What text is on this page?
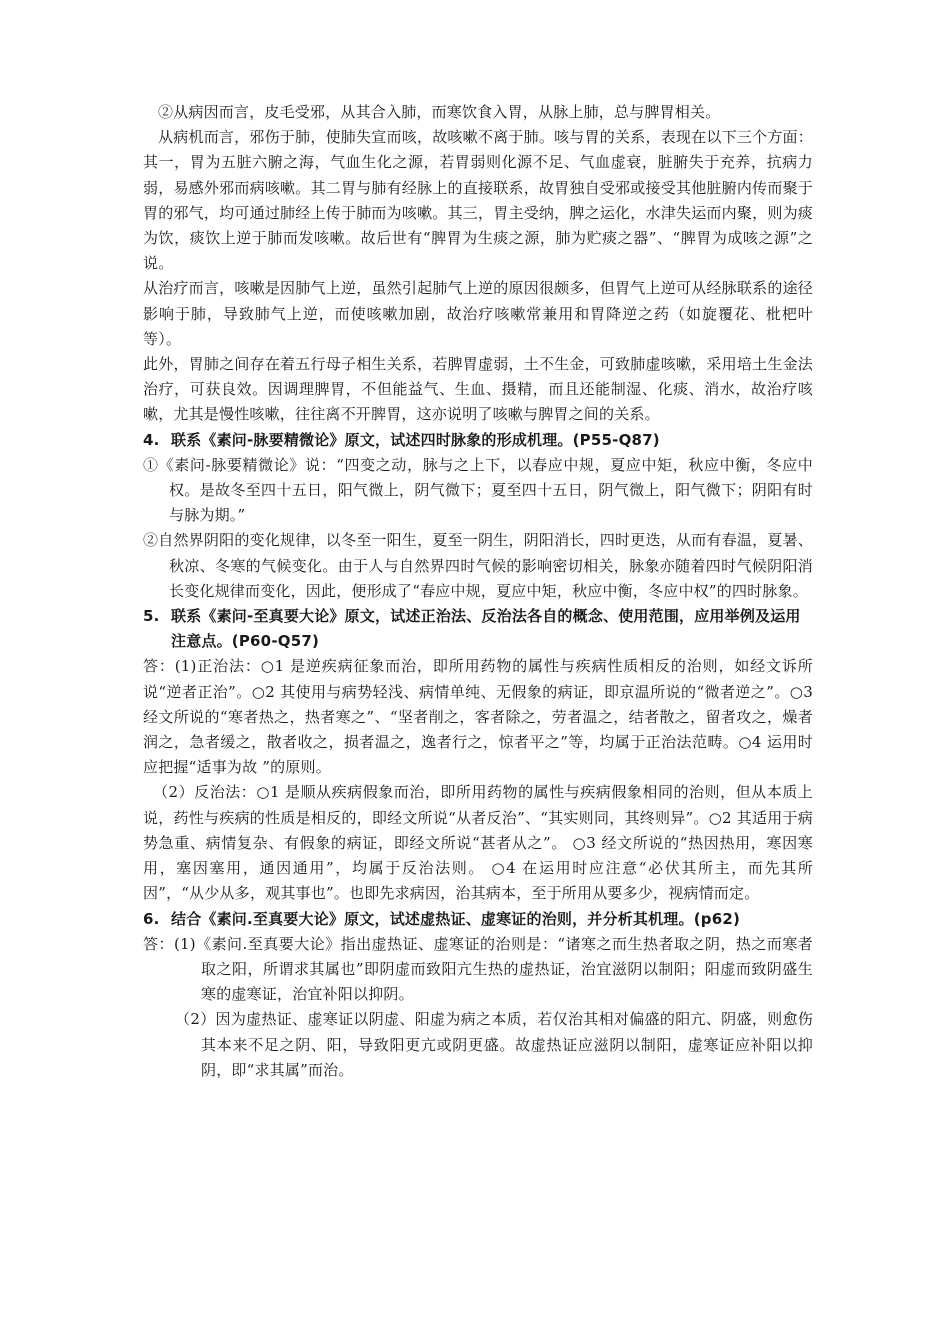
②从病因而言，皮毛受邪，从其合入肺，而寒饮食入胃，从脉上肺，总与脾胃相关。

从病机而言，邪伤于肺，使肺失宣而咳，故咳嗽不离于肺。咳与胃的关系，表现在以下三个方面：其一，胃为五脏六腑之海，气血生化之源，若胃弱则化源不足、气血虚衰，脏腑失于充养，抗病力弱，易感外邪而病咳嗽。其二胃与肺有经脉上的直接联系，故胃独自受邪或接受其他脏腑内传而聚于胃的邪气，均可通过肺经上传于肺而为咳嗽。其三，胃主受纳，脾之运化，水津失运而内聚，则为痰为饮，痰饮上逆于肺而发咳嗽。故后世有“脾胃为生痰之源，肺为贮痰之器”、“脾胃为成咳之源”之说。

从治疗而言，咳嗽是因肺气上逆，虽然引起肺气上逆的原因很颇多，但胃气上逆可从经脉联系的途径影响于肺，导致肺气上逆，而使咳嗽加剧，故治疗咳嗽常兼用和胃降逆之药（如旋覆花、枇杷叶等）。

此外，胃肺之间存在着五行母子相生关系，若脾胃虚弱，土不生金，可致肺虚咳嗽，采用培土生金法治疗，可获良效。因调理脾胃，不但能益气、生血、摄精，而且还能制湿、化痰、消水，故治疗咳嗽，尤其是慢性咳嗽，往往离不开脾胃，这亦说明了咳嗽与脾胃之间的关系。

4. 联系《素问-脉要精微论》原文，试述四时脉象的形成机理。(P55-Q87)

①《素问-脉要精微论》说：“四变之动，脉与之上下，以春应中规，夏应中矩，秋应中衡，冬应中权。是故冬至四十五日，阳气微上，阴气微下；夏至四十五日，阴气微上，阳气微下；阴阳有时与脉为期。”

②自然界阴阳的变化规律，以冬至一阳生，夏至一阴生，阴阳消长，四时更迭，从而有春温，夏暑、秋凉、冬寒的气候变化。由于人与自然界四时气候的影响密切相关，脉象亦随着四时气候阴阳消长变化规律而变化，因此，便形成了“春应中规，夏应中矩，秋应中衡，冬应中权”的四时脉象。

5. 联系《素问-至真要大论》原文，试述正治法、反治法各自的概念、使用范围，应用举例及运用注意点。(P60-Q57)

答：(1)正治法：○1 是逆疾病征象而治，即所用药物的属性与疾病性质相反的治则，如经文诉所说“逆者正治”。○2 其使用与病势轻浅、病情单纯、无假象的病证，即京温所说的“微者逆之”。○3 经文所说的“寒者热之，热者寒之”、“坚者削之，客者除之，劳者温之，结者散之，留者攻之，燥者润之，急者缓之，散者收之，损者温之，逸者行之，惊者平之”等，均属于正治法范畴。○4 运用时应把握“适事为故 ”的原则。

（2）反治法：○1 是顺从疾病假象而治，即所用药物的属性与疾病假象相同的治则，但从本质上说，药性与疾病的性质是相反的，即经文所说“从者反治”、“其实则同，其终则异”。○2 其适用于病势急重、病情复杂、有假象的病证，即经文所说“甚者从之”。 ○3 经文所说的“热因热用，寒因寒用，塞因塞用，通因通用”，均属于反治法则。 ○4 在运用时应注意“必伏其所主，而先其所因”，“从少从多，观其事也”。也即先求病因，治其病本，至于所用从要多少，视病情而定。

6. 结合《素问.至真要大论》原文，试述虚热证、虚寒证的治则，并分析其机理。(p62)

答：(1)《素问.至真要大论》指出虚热证、虚寒证的治则是：“诸寒之而生热者取之阴，热之而寒者取之阳，所谓求其属也”即阴虚而致阳亢生热的虚热证，治宜滋阴以制阳；阳虚而致阴盛生寒的虚寒证，治宜补阳以抑阴。

（2）因为虚热证、虚寒证以阴虚、阳虚为病之本质，若仅治其相对偏盛的阳亢、阴盛，则愈伤其本来不足之阴、阳，导致阳更亢或阴更盛。故虚热证应滋阴以制阳，虚寒证应补阳以抑阴，即“求其属”而治。
